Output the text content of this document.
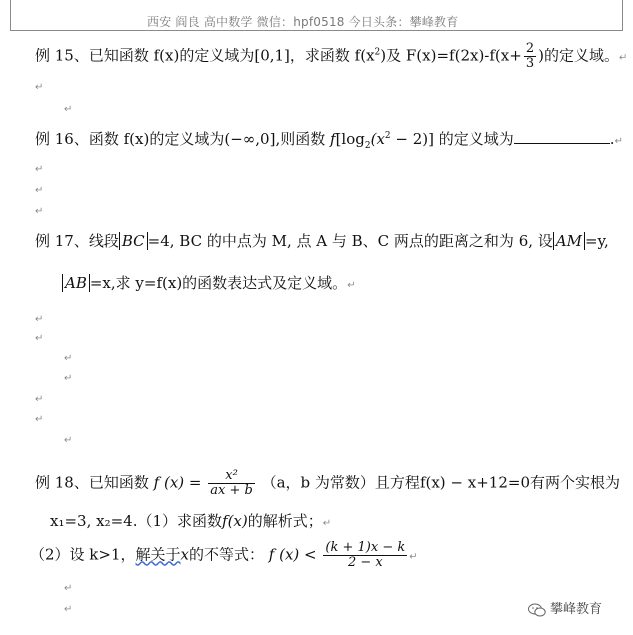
西安 阎良 高中数学 微信：hpf0518 今日头条：攀峰教育
例 15、已知函数 f(x)的定义域为[0,1]，求函数 $f(x^2)$及 $F(x)=f(2x)-f(x+ \frac{2}{3}$ )的定义域。↵
↵
↵
例 16、函数 f(x)的定义域为(−∞,0],则函数 $f[\log_2(x^2 - 2)]$ 的定义域为	.↵
↵
↵
↵
例 17、线段 BC =4, BC 的中点为 M, 点 A 与 B、C 两点的距离之和为 6, 设 AM =y,
AB =x,求 y=f(x)的函数表达式及定义域。↵
↵
↵
↵
↵
↵
↵
↵
例 18、已知函数 f $(x) = \frac{\text{x²}}{ax + b} (a$，b 为常数）且方程f(x) − x+12=0有两个实根为
x₁=3, x₂=4.（1）求函数f(x)的解析式；↵
（2）设 k>1，解关于x的不等式： f $(x) < \frac{(k + 1)x - k}{2 - x}$ ↵
↵
↵	攀峰教育
